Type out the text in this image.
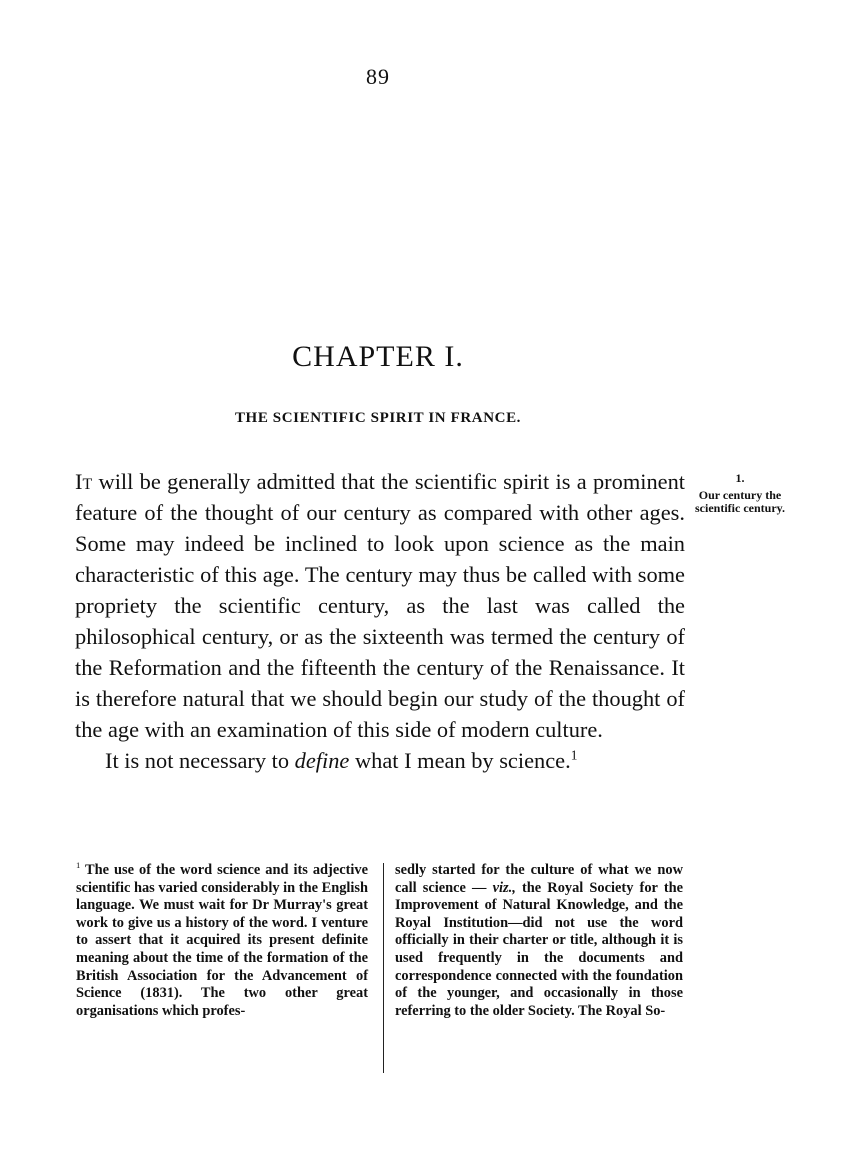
89
CHAPTER I.
THE SCIENTIFIC SPIRIT IN FRANCE.

It will be generally admitted that the scientific spirit is a prominent feature of the thought of our century as compared with other ages. Some may indeed be inclined to look upon science as the main characteristic of this age. The century may thus be called with some propriety the scientific century, as the last was called the philosophical century, or as the sixteenth was termed the century of the Reformation and the fifteenth the century of the Renaissance. It is therefore natural that we should begin our study of the thought of the age with an examination of this side of modern culture.

It is not necessary to define what I mean by science.$^1$

1.
Our century the scientific century.
$^1$ The use of the word science and its adjective scientific has varied considerably in the English language. We must wait for Dr Murray's great work to give us a history of the word. I venture to assert that it acquired its present definite meaning about the time of the formation of the British Association for the Advancement of Science (1831). The two other great organisations which profes-
sedly started for the culture of what we now call science — viz., the Royal Society for the Improvement of Natural Knowledge, and the Royal Institution—did not use the word officially in their charter or title, although it is used frequently in the documents and correspondence connected with the foundation of the younger, and occasionally in those referring to the older Society. The Royal So-
